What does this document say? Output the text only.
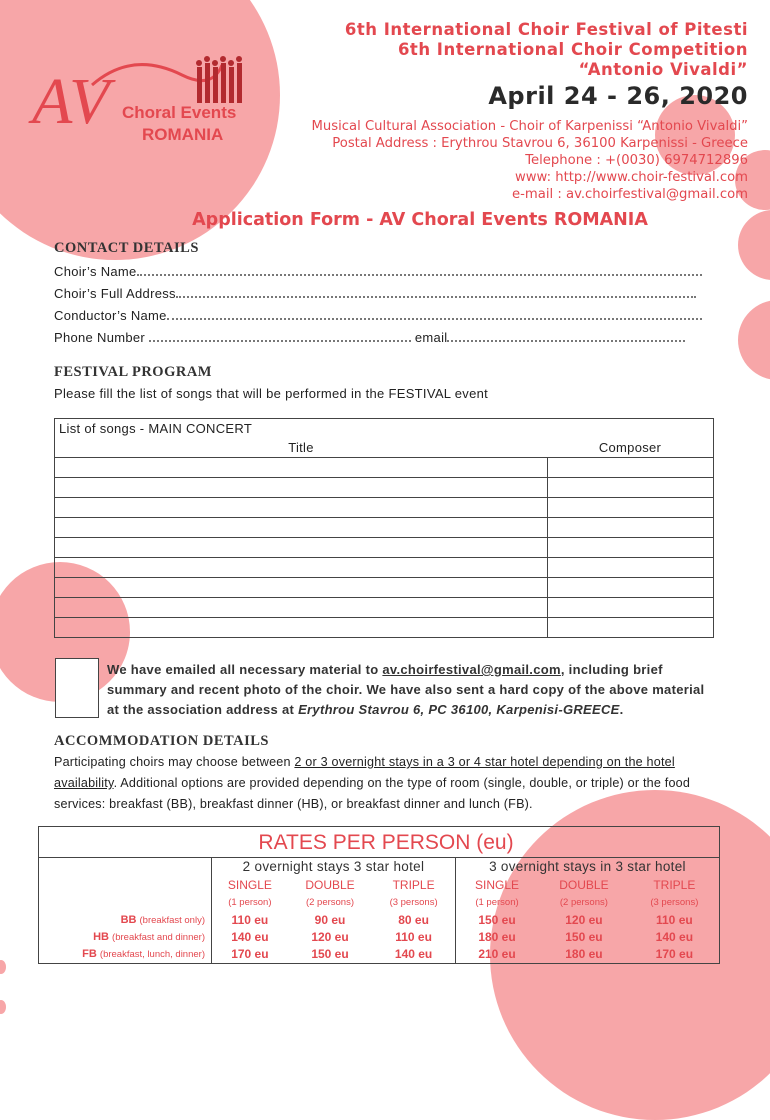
AV Choral Events
ROMANIA
6th International Choir Festival of Pitesti
6th International Choir Competition
“Antonio Vivaldi”
April 24 - 26, 2020
Musical Cultural Association - Choir of Karpenissi “Antonio Vivaldi”
Postal Address : Erythrou Stavrou 6, 36100 Karpenissi - Greece
Telephone : +(0030) 6974712896
www: http://www.choir-festival.com
e-mail : av.choirfestival@gmail.com
Application Form - AV Choral Events ROMANIA
CONTACT DETAILS
Choir’s Name
Choir’s Full Address
Conductor’s Name
Phone Number	email
FESTIVAL PROGRAM
Please fill the list of songs that will be performed in the FESTIVAL event
List of songs - MAIN CONCERT	
Title	Composer

We have emailed all necessary material to av.choirfestival@gmail.com, including brief summary and recent photo of the choir. We have also sent a hard copy of the above material at the association address at Erythrou Stavrou 6, PC 36100, Karpenisi-GREECE.
ACCOMMODATION DETAILS
Participating choirs may choose between 2 or 3 overnight stays in a 3 or 4 star hotel depending on the hotel availability. Additional options are provided depending on the type of room (single, double, or triple) or the food services: breakfast (BB), breakfast dinner (HB), or breakfast dinner and lunch (FB).
RATES PER PERSON (eu)
	2 overnight stays 3 star hotel			3 overnight stays in 3 star hotel		
	SINGLE	DOUBLE	TRIPLE	SINGLE	DOUBLE	TRIPLE
	(1 person)	(2 persons)	(3 persons)	(1 person)	(2 persons)	(3 persons)
BB (breakfast only)	110 eu	90 eu	80 eu	150 eu	120 eu	110 eu
HB (breakfast and dinner)	140 eu	120 eu	110 eu	180 eu	150 eu	140 eu
FB (breakfast, lunch, dinner)	170 eu	150 eu	140 eu	210 eu	180 eu	170 eu
